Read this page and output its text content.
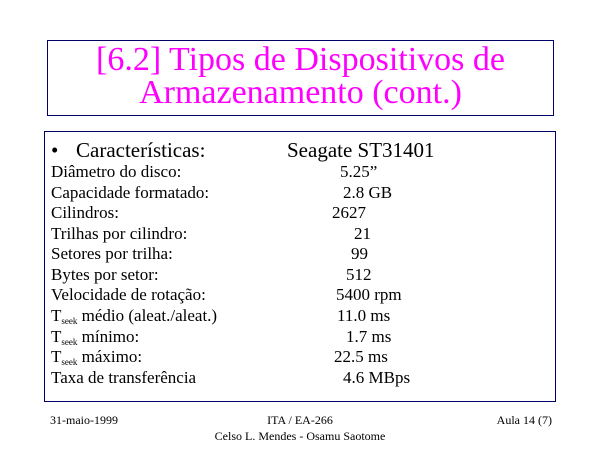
[6.2] Tipos de Dispositivos de
Armazenamento (cont.)
• Características:	Seagate ST31401
Diâmetro do disco:	5.25”
Capacidade formatado:	2.8 GB
Cilindros:	2627
Trilhas por cilindro:	21
Setores por trilha:	99
Bytes por setor:	512
Velocidade de rotação:	5400 rpm
$T_{seek}$ médio (aleat./aleat.)	11.0 ms
$T_{seek}$ mínimo:	1.7 ms
$T_{seek}$ máximo:	22.5 ms
Taxa de transferência	4.6 MBps
31-maio-1999	ITA / EA-266
Celso L. Mendes - Osamu Saotome
Aula 14 (7)
